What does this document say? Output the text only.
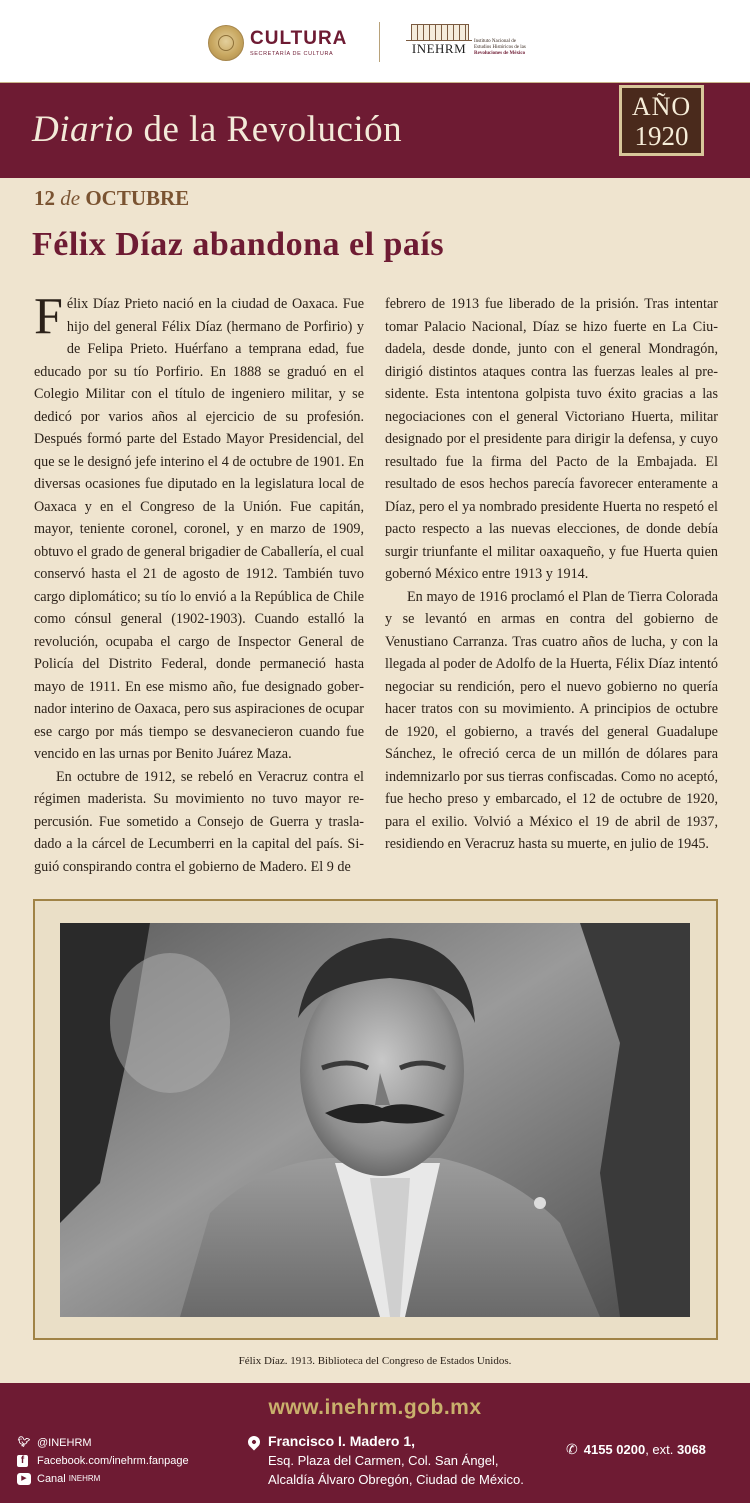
CULTURA
SECRETARÍA DE CULTURA	INEHRM	Instituto Nacional de
Estudios Históricos de las
Revoluciones de México
Diario de la Revolución
AÑO
1920
12 de OCTUBRE
Félix Díaz abandona el país

Félix Díaz Prieto nació en la ciudad de Oaxaca. Fue hijo del general Félix Díaz (hermano de Porfirio) y de Felipa Prieto. Huérfano a temprana edad, fue educado por su tío Porfirio. En 1888 se graduó en el Colegio Militar con el título de ingeniero militar, y se dedicó por varios años al ejercicio de su profesión. Después formó parte del Estado Mayor Presidencial, del que se le designó jefe interino el 4 de octubre de 1901. En diversas ocasiones fue diputado en la legislatura local de Oaxaca y en el Congreso de la Unión. Fue capitán, mayor, teniente coronel, coronel, y en marzo de 1909, obtuvo el grado de general brigadier de Caballería, el cual conservó hasta el 21 de agosto de 1912. También tuvo cargo diplomático; su tío lo envió a la República de Chile como cónsul general (1902-1903). Cuando estalló la revolución, ocupaba el cargo de Inspector General de Policía del Distrito Federal, donde permaneció hasta mayo de 1911. En ese mismo año, fue designado gobernador interino de Oaxaca, pero sus aspiraciones de ocupar ese cargo por más tiempo se desvanecieron cuando fue vencido en las urnas por Benito Juárez Maza.

En octubre de 1912, se rebeló en Veracruz contra el régimen maderista. Su movimiento no tuvo mayor repercusión. Fue sometido a Consejo de Guerra y trasladado a la cárcel de Lecumberri en la capital del país. Siguió conspirando contra el gobierno de Madero. El 9 de

febrero de 1913 fue liberado de la prisión. Tras intentar tomar Palacio Nacional, Díaz se hizo fuerte en La Ciudadela, desde donde, junto con el general Mondragón, dirigió distintos ataques contra las fuerzas leales al presidente. Esta intentona golpista tuvo éxito gracias a las negociaciones con el general Victoriano Huerta, militar designado por el presidente para dirigir la defensa, y cuyo resultado fue la firma del Pacto de la Embajada. El resultado de esos hechos parecía favorecer enteramente a Díaz, pero el ya nombrado presidente Huerta no respetó el pacto respecto a las nuevas elecciones, de donde debía surgir triunfante el militar oaxaqueño, y fue Huerta quien gobernó México entre 1913 y 1914.

En mayo de 1916 proclamó el Plan de Tierra Colorada y se levantó en armas en contra del gobierno de Venustiano Carranza. Tras cuatro años de lucha, y con la llegada al poder de Adolfo de la Huerta, Félix Díaz intentó negociar su rendición, pero el nuevo gobierno no quería hacer tratos con su movimiento. A principios de octubre de 1920, el gobierno, a través del general Guadalupe Sánchez, le ofreció cerca de un millón de dólares para indemnizarlo por sus tierras confiscadas. Como no aceptó, fue hecho preso y embarcado, el 12 de octubre de 1920, para el exilio. Volvió a México el 19 de abril de 1937, residiendo en Veracruz hasta su muerte, en julio de 1945.

Félix Díaz. 1913. Biblioteca del Congreso de Estados Unidos.
www.inehrm.gob.mx
🐦︎ @INEHRM
f	Facebook.com/inehrm.fanpage
▶ Canal INEHRM
Francisco I. Madero 1,
Esq. Plaza del Carmen, Col. San Ángel,
Alcaldía Álvaro Obregón, Ciudad de México.
✆ 4155 0200, ext. 3068
